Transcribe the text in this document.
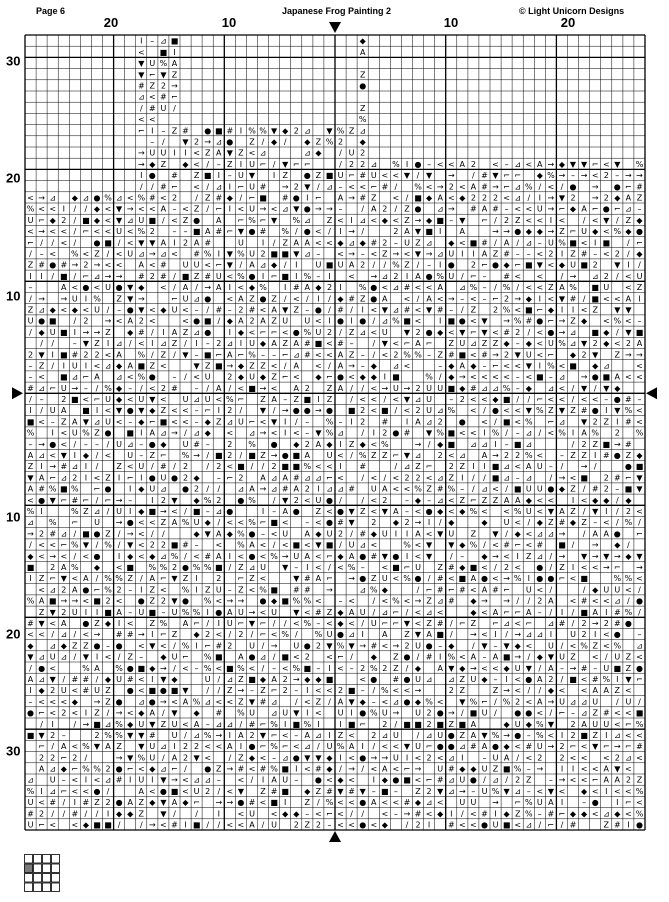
Page 6	Japanese Frog Painting 2	© Light Unicorn Designs
20	10	10	20
30
20
10
10
20
30
I – ⊿ ■	◆
< ■ I	A
▼ U % A
▼ ⌐ ▼ Z	Z
# Z 2 →	●
⊿ < # ⌐
/ # U /	Z
< <	%
⌐ I – Z # ● ■ # I % % ▼ ◆ 2 ⊿ ▼ % Z ⊿
– / ▼ 2 → ⊿ ● Z / ◆ / ◆ Z % 2 ◆
→ U U I I < Z A ▼ Z < ⊿	⊿ ◆ / U 2
→ ◆ Z ◆ < / – Z I U ⌐ / ▼ ⌐ ⌐	/ 2 2 ⊿ % I ● – < < A 2 < – ⊿ < A → ◆ ▼ ▼ ⌐ < ▼ %
I ● # Z ■ I – U ▼ I Z ● Z ■ U ⌐ # U < < ▼ / ▼ → / # ▼ ⌐ ⌐ ◆ % → – → < 2 – → →
/ / # ⌐ < / ⊿ I ⌐ U # → 2 ▼ / ⊿ – < < ⌐ # / % < → 2 < A # → ⌐ ⊿ % / < / ● → ● ⌐ #
< → ⊿ ◆ ⊿ ● % ⊿ < % # < 2 / Z # ◆ / ⌐ ■ # ● I ⌐ A → # Z < / ■ ◆ A < ◆ 2 2 2 < ⊿ / I → ▼ 2 → 2 ◆ A Z
% < < I / / ◆ < ▼ → < < A – < Z / ⌐ I < U → < ⊿ ▼ ● → → – / A 2 / Z ● ⊿ → # A # – < < U → ⌐ ◆ A ⌐ ● ⌐ ⊿ –
U ⌐ ◆ 2 / ■ ◆ < ▼ ⊿ U ■ / < Z ● A ⌐ % ⌐ ▼ % ⊿ Z < I ⊿ < ◆ < Z → ◆ ■ – ▼ ⌐ / 2 Z < < I < / < ▼ / Z ◆
< → < < / ⌐ < < U < % 2 – – ■ A # ⌐ ▼ ● # % / ● < / I → /	2 A ▼ ■ I A	→ → ● ◆ ◆ → Z ⌐ U ◆ < % ◆ ●
⌐ / / < / ● ■ / < ▼ ▼ A I 2 A #	U I / Z A A < < ◆ ⊿ ◆ # 2 – U Z ⊿ ◆ < ■ # / A / ⊿ – U % ■ < I ■ / ⌐
/ – < % < Z / < U ⊿ → ⊿ < # % I ▼ % U 2 ■ ■ ▼ ⊿ – < → – < Z → < ▼ → ⊿ U I I A Z # – – < 2 I Z # – < 2 / ◆
Z # ● # → 2 → < < A < # U U < ⌐ ▼ / A ⊿ ◆ / I U ■ U A 2 / / % Z / – I ● 2 ⌐ ● ◆ ⌐ ■ ▼ < ◆ U ■ 2 ▼ I /
I I / ■ / ⌐ ⊿ → → # 2 # / ■ Z # U < % ● I ⌐ ■ I % – I < → ⊿ 2 I A ● % U / ⌐ – # < < / → ⊿ 2 / < U
–	A < ● < U ● ▼ ◆ < / A / → A I < ◆ % I # A ◆ 2 I % ● < ⊿ # < < A ⊿ % – / % / < < Z A % ■ U < Z
/ → → U I % Z ▼ →	⌐ U ⊿ ● < A Z ● Z / < / I / ◆ # Z ● A < / A < → – < – ⌐ 2 → ◆ I < ▼ # / ■ < < A I
Z ⊿ ◆ < ◆ < U / – ● ▼ < ◆ U < – / # – 2 # < A ▼ Z – ● / # / I < ▼ ⊿ # < ▼ # – / Z 2 % < ■ ⌐ ◆ I I < Z ▼ ▼
U ● ■ / 2 → < A 2 <	< ● ■ / ◆ A 2 A Z U U < I ● I ● / ⊿ % ■ < I ■ ● < ▼ → % # ● ⌐ → Z ◆ < % < –
/ ◆ U ■ I → → Z ◆ # / I A Z ⊿ ● I ◆ < ⌐ ⌐ < ● % U 2 / Z ⊿ < U ▼ 2 ● ◆ < ▼ ⌐ ▼ < # 2 / < ● → ⊿ ■ ◆ / ▼ ■
/ / – ▼ Z I ⊿ / < I ⊿ Z / I – 2 ⊿ I U ◆ A Z A # ■ < # – / ▼ < ⌐ A ⌐ Z U ⊿ Z Z ◆ – ◆ < U % ⊿ ▼ 2 ◆ < 2 A
2 ▼ I ■ # 2 2 < A % / Z / ▼ – ■ ⌐ A ⌐ % – – ⌐ ⊿ # < < A Z – / < 2 % % – Z # ■ < # → 2 ▼ U < ⌐ ◆ 2 ▼ Z → →
– Z / I U I < ⊿ ◆ A ■ Z <	▼ Z ■ → ◆ Z Z < / A < / A → – ◆ ⊿ <	– ◆ A ◆ – ⌐ < < ▼ I % < ■ ◆ ⊿	<
– < ■ ⊿ ⌐ A ⊿ < % ● – / < U 2 ◆ U ◆ Z ⌐ < ◆ ⌐ ● < ◆ ◆ I ■	% / ◆ → < < < < – < ■ – ⊿ → ● ■ A < <
# ⊿ ⌐ U → – / % ◆ – / < 2 # – / A / < ■ → < A 2 Z A / / < → U → 2 U U ■ ◆ # ⊿ ⊿ % – ◆ ⊿ < / ▼ / ▼ ◆
/ – 2 ■ < ⌐ U ◆ < U ▼ < U ⊿ U < % ⌐ Z A – Z ■ I Z / < < / < ▼ ⊿ U – 2 < < ◆ ■ / / ⌐ < < / < < – ● # –
I / U A ■ I < ▼ ● ▼ ◆ Z < < – ⌐ I 2 / ▼ / → ● ● → ● ■ 2 < ■ / < 2 U ⊿ % < / ● < < ▼ % Z ▼ Z # ● I ▼ % <
■ < – Z A ▼ ⊿ U < – ◆ ⌐ ■ < < – ◆ Z ⊿ U ⌐ < ▼ I / – % – I 2 # I A ⊿ 2 ● < / ■ < % ⌐ ⊿ ▼ 2 Z I # <
% I < U % Z ● ■ I A ⊿ → / ⊿ ◆ < ⊿ → < I < – ▼ % ⊿ / I 2 ● # ▼ % ■ < < I % / – ⊿ / < % I A % 2 %
– → ● < / – – / U ⊿ – ● ◆ U # – 2 % ● ◆ 2 A ◆ I Z ◆ < %	→ / ◆ ■ ⊿ ⊿ I – ■ ⊿	/ 2 Z ■ → #
A ⊿ < ▼ I ◆ / < U – Z ⌐ % → / ■ 2 / ■ Z → ● ■ A U < / % Z Z ⌐ ▼ ⊿ 2 < ⊿ A → 2 2 % < – Z Z I # ● Z ◆
Z I → # ⊿ I / Z < U / # / 2 / 2 < ■ / / 2 ■ ■ % < < I #	/ ⊿ Z ⌐ 2 Z I I ■ ⊿ < A U – / → /	● ■
▼ A ⌐ ⊿ 2 I < Z I ⌐ I ● U ● 2 ◆ – ⌐ 2 A ⊿ A # ⊿ ⊿ ⌐ < / < / < 2 2 < ⊿ Z I / / ■ ⊿ – ⊿ / → < ■ 2 # ⌐ ▼
A # % ■ % ⌐ ● I ◆ U ⊿ ● 2 / / ⊿ A → ⊿ # A 2 I ⊿ ⊿ # U A < < % Z # % – / ⊿ < / ■ U U ● ◆ Z / # 2 – ■ ▼
< ● ▼ ⌐ # ⌐ / ⌐ → – I 2 ▼ ◆ % 2 ● % / ▼ 2 < U ● / / < 2 – ◆ – ⊿ < Z ⌐ Z Z A A ◆ < < I < ◆ ◆ / ◆
% I	% Z ⊿ / U I ◆ ■ → < / ■ – ⊿ ●	I – A ● Z < ● ▼ Z < ▼ A – < ● ◆ < ◆ % < < % U < ▼ A Z / ▼ I / 2 <
⊿ % ⌐ U → ● < < Z A % U ◆ / < < % ⌐ ■ < – < ● # ▼ 2 ◆ 2 → I / ◆	◆ U < / ◆ Z # ◆ Z – < / % /
→ 2 # ⊿ / ■ ● Z / → < / /	◆ ▼ A ◆ % ● – < U A ◆ U 2 / # ◆ U I I A < ▼ U Z ▼ / ◆ < ⊿ ⊿ → / A A ● ⌐
/ < < ⌐ % ▼ / % / ▼ < 2 2 ■ # – < % A < / < ■ < ▼ ■ / U ⊿ <	% < ▼ ▼ ◆ % / < # ⌐ < # ■ / → ◆ /
◆ < → < / < ● I ◆ < ◆ ⊿ % / < # A I < ● < % → U A < ⌐ ◆ A ● # ▼ ● I < ▼ / – ◆ → < I Z ⊿ / → ▼ → ▼ → ◆ ▼
■ 2 A % ◆ < ■ % % 2 ● % % ■ / Z ⊿ U ▼ – I < / < % – < ■ ⌐ U Z # ◆ ■ < / 2 < ● / Z I < < → ⌐ →
I Z ⌐ ▼ < A / % % Z / A ⌐ ▼ Z I 2 ⌐ Z <	▼ # A ⌐ → ● Z U < % ● / # < ■ A ● < → % I ● ● ⌐ < ■	% % <
< ⊿ 2 A ● ⌐ % 2 – I Z < % I Z U – Z < % ■ # # →	⊿ % ◆	/ ⌐ # ⌐ # < A # ⌐ U < /	/ ◆ U U < /
% A ■ → → < ■ 2 < ● Z 2 ▼ ● % < → → ● ◆ ■ % % < – < / < % < → Z ⊿ # ◆ → → / / 2 A < # < < ⊿ / ●
Z ▼ 2 U I I ■ A – U ■ – U % % I ● A U → < U ▼ < # Z ◆ A U / ⊿ ⌐ / < ⊿ <	◆ < A ⌐ ⌐ A – / I / ■ A I # % /
# ▼ < A ● Z ◆ I < Z % A ⌐ / I U ⌐ ▼ ⌐ / / < % – < ◆ < / U ⌐ ⌐ ▼ < Z # / ⌐ Z ⌐ ⊿ < ⌐ ⊿ # / 2 → 2 # ●
< < / ⊿ / < → # # → I ⌐ Z ◆ 2 < / 2 / ⌐ < % / % U ● ⊿ I A Z ▼ A ■ / → < I / → ⊿ ⊿ I U 2 I < ● –
◆ ⊿ ◆ Z Z ● – ● < ▼ < / % I ⌐ # 2 U / → U ● 2 ▼ % ▼ → # < → 2 U ● – ◆ / ▼ – ▼ ◆ < U / < % Z < % ⊿
▼ ⊿ U ⊿ / ▼ I < / Z – ◆ U ⌐ % ■ A ● ⊿ / ■ < 2 < ⌐ / ◆ Z ● / # I % < A – A ■ → / ◆ ▼ U Z < / U Z <
/ ● <	% A % ● ■ ◆ → / < – % < ■ % < / – < % ■ – I < – 2 % 2 Z / ◆ A ▼ ◆ → < < ◆ U ▼ / A – → # – U ■ Z ●
A ⊿ ▼ / # # / ◆ U # < I ▼ ◆	U / ⊿ Z ■ ◆ A 2 → ◆ ◆ ■	< ● # ● U ⊿ ⊿ Z U ◆ – I < ● A 2 / ■ < # % I ▼ ⌐
I ◆ 2 U < # U Z ● < ■ ● ■ ▼ / / Z → – Z ⌐ 2 – I < < 2 ■ – / % < < →	2 Z	Z → < / / ◆ < < A A Z <
– < < < ◆ → Z ● ⊿ ● → < A % ⊿ < < Z ▼ # ⊿ / < Z / A ▼ ◆ – < ⊿ ● ◆ % < ▼ % ⌐ / % 2 < A → U ⊿ ⊿ U / U /
● ⌐ < 2 < I Z / → < ◆ A / ▼ ◆ # % U ⊿ U ▼ I < U I ● % U → U 2 ● → / ■ U / ● ● < / ⌐ – ⊿ Z # < < ■
/ I / → ■ ⊿ % ◆ U ▼ Z U < A – ⊿ ⊿ / # ⌐ % I ■ % I I ■ ⌐ 2 / ■ ■ 2 ■ Z ■ A	◆ U ◆ % ▼ 2 A U U < ⌐ %
■ ▼ 2 –	2 % % ▼ ▼ # U / ⊿ % → I A 2 ▼ ⌐ < – A ⊿ I Z < 2 ⊿ U / ⊿ U ● Z A ▼ % → ● – % < I 2 ■ Z I ⊿ < <
⌐ / A < % ▼ A Z ▼ U ⊿ I 2 2 < < A I ● ⌐ % ⌐ < ⊿ / U % A I / < < ▼ U ⌐ ● ● ⊿ # A ● ◆ < # U → 2 ⌐ < ▼ ⌐ → ⌐ #
2 2 ⌐ 2 /	→ ▼ % U / A 2 ▼ < / Z ◆ < – ⊿ ● ▼ ▼ ◆ I < ● → → U I < 2 < ⊿ I – U A / < 2 2 < < < 2 ⊿ <
A ⊿ ◆ ⌐ % % 2 ● ⌐ < ◆ ⊿ ⌐ / ● Z → # < # % ■ I < # ◆ / → / < A < ⌐ → U # ◆ ◆ U Z ■ % – → I I < < A ▼ <
⊿ U – < I < ⊿ # I U I ▼ → < ⊿ ⊿ – < / I A U – ● < ◆ < I ◆ ● ■ < ⌐ # ⊿ U ● / ⊿ / 2 Z – → < < ⌐ A A 2 Z
% I ⊿ ⌐ < < ● /	A < ● ■ < U 2 / < ▼ Z # ■ ◆ Z # ▼ # ▼ – ■ – Z 2 ▼ ⊿ → – U % ▼ ⊿ – < ▼ < ◆ < I < < %
U < # / I # Z 2 ● A Z ◆ ▼ A ◆ ⌐ → → ● # < ■ I Z / % < < ● A < < # ◆ ⊿ < U U → ⌐ % U A I – ● I ⌐ <
# 2 / / # / / I ◆ ◆ Z ▼ / / I < U < ◆ ◆ – < ⌐ < / / < – → # < ◆ I / < # I ◆ Z % – # ⌐ ◆ ◆ < ⊿ ◆ < %
U ⌐ < < ◆ ■ ■ / / → < # I ■ / / < < A / U 2 Z 2 – < < ● < ◆ / 2 I # < < ● U ■ < ⊿ / ⌐ / #	Z # I ●
